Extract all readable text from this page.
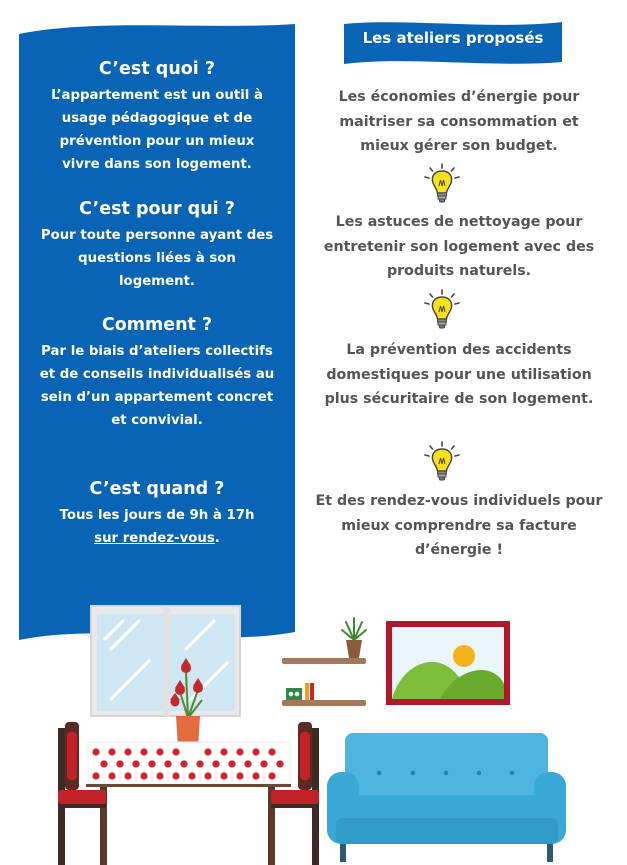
C’est quoi ?

L’appartement est un outil à usage pédagogique et de prévention pour un mieux vivre dans son logement.

C’est pour qui ?

Pour toute personne ayant des questions liées à son logement.

Comment ?

Par le biais d’ateliers collectifs et de conseils individualisés au sein d’un appartement concret et convivial.

C’est quand ?

Tous les jours de 9h à 17h
sur rendez-vous.

Les ateliers proposés
Les économies d’énergie pour maitriser sa consommation et mieux gérer son budget.
Les astuces de nettoyage pour entretenir son logement avec des produits naturels.
La prévention des accidents domestiques pour une utilisation plus sécuritaire de son logement.
Et des rendez-vous individuels pour mieux comprendre sa facture d’énergie !
